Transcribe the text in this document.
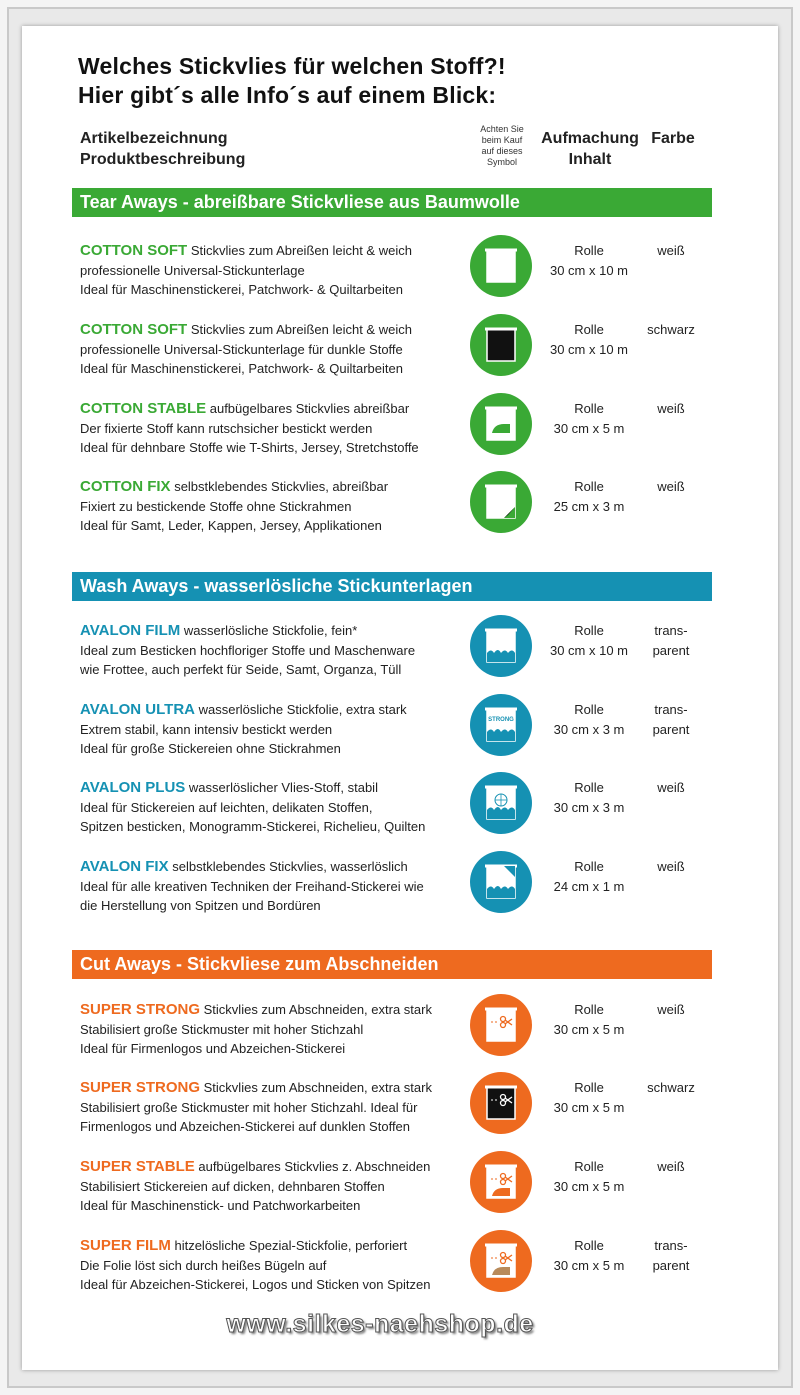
Welches Stickvlies für welchen Stoff?!
Hier gibt´s alle Info´s auf einem Blick:
Artikelbezeichnung
Produktbeschreibung
Achten Sie
beim Kauf
auf dieses
Symbol
Aufmachung
Inhalt
Farbe
Tear Aways - abreißbare Stickvliese aus Baumwolle
COTTON SOFT Stickvlies zum Abreißen leicht & weich
professionelle Universal-Stickunterlage
Ideal für Maschinenstickerei, Patchwork- & Quiltarbeiten
Rolle
30 cm x 10 m
weiß
COTTON SOFT Stickvlies zum Abreißen leicht & weich
professionelle Universal-Stickunterlage für dunkle Stoffe
Ideal für Maschinenstickerei, Patchwork- & Quiltarbeiten
Rolle
30 cm x 10 m
schwarz
COTTON STABLE aufbügelbares Stickvlies abreißbar
Der fixierte Stoff kann rutschsicher bestickt werden
Ideal für dehnbare Stoffe wie T-Shirts, Jersey, Stretchstoffe
Rolle
30 cm x 5 m
weiß
COTTON FIX selbstklebendes Stickvlies, abreißbar
Fixiert zu bestickende Stoffe ohne Stickrahmen
Ideal für Samt, Leder, Kappen, Jersey, Applikationen
Rolle
25 cm x 3 m
weiß
Wash Aways - wasserlösliche Stickunterlagen
AVALON FILM wasserlösliche Stickfolie, fein*
Ideal zum Besticken hochfloriger Stoffe und Maschenware
wie Frottee, auch perfekt für Seide, Samt, Organza, Tüll
Rolle
30 cm x 10 m
trans-
parent
AVALON ULTRA wasserlösliche Stickfolie, extra stark
Extrem stabil, kann intensiv bestickt werden
Ideal für große Stickereien ohne Stickrahmen
STRONG
Rolle
30 cm x 3 m
trans-
parent
AVALON PLUS wasserlöslicher Vlies-Stoff, stabil
Ideal für Stickereien auf leichten, delikaten Stoffen,
Spitzen besticken, Monogramm-Stickerei, Richelieu, Quilten
Rolle
30 cm x 3 m
weiß
AVALON FIX selbstklebendes Stickvlies, wasserlöslich
Ideal für alle kreativen Techniken der Freihand-Stickerei wie
die Herstellung von Spitzen und Bordüren
Rolle
24 cm x 1 m
weiß
Cut Aways - Stickvliese zum Abschneiden
SUPER STRONG Stickvlies zum Abschneiden, extra stark
Stabilisiert große Stickmuster mit hoher Stichzahl
Ideal für Firmenlogos und Abzeichen-Stickerei
Rolle
30 cm x 5 m
weiß
SUPER STRONG Stickvlies zum Abschneiden, extra stark
Stabilisiert große Stickmuster mit hoher Stichzahl. Ideal für
Firmenlogos und Abzeichen-Stickerei auf dunklen Stoffen
Rolle
30 cm x 5 m
schwarz
SUPER STABLE aufbügelbares Stickvlies z. Abschneiden
Stabilisiert Stickereien auf dicken, dehnbaren Stoffen
Ideal für Maschinenstick- und Patchworkarbeiten
Rolle
30 cm x 5 m
weiß
SUPER FILM hitzelösliche Spezial-Stickfolie, perforiert
Die Folie löst sich durch heißes Bügeln auf
Ideal für Abzeichen-Stickerei, Logos und Sticken von Spitzen
Rolle
30 cm x 5 m
trans-
parent
www.silkes-naehshop.de
